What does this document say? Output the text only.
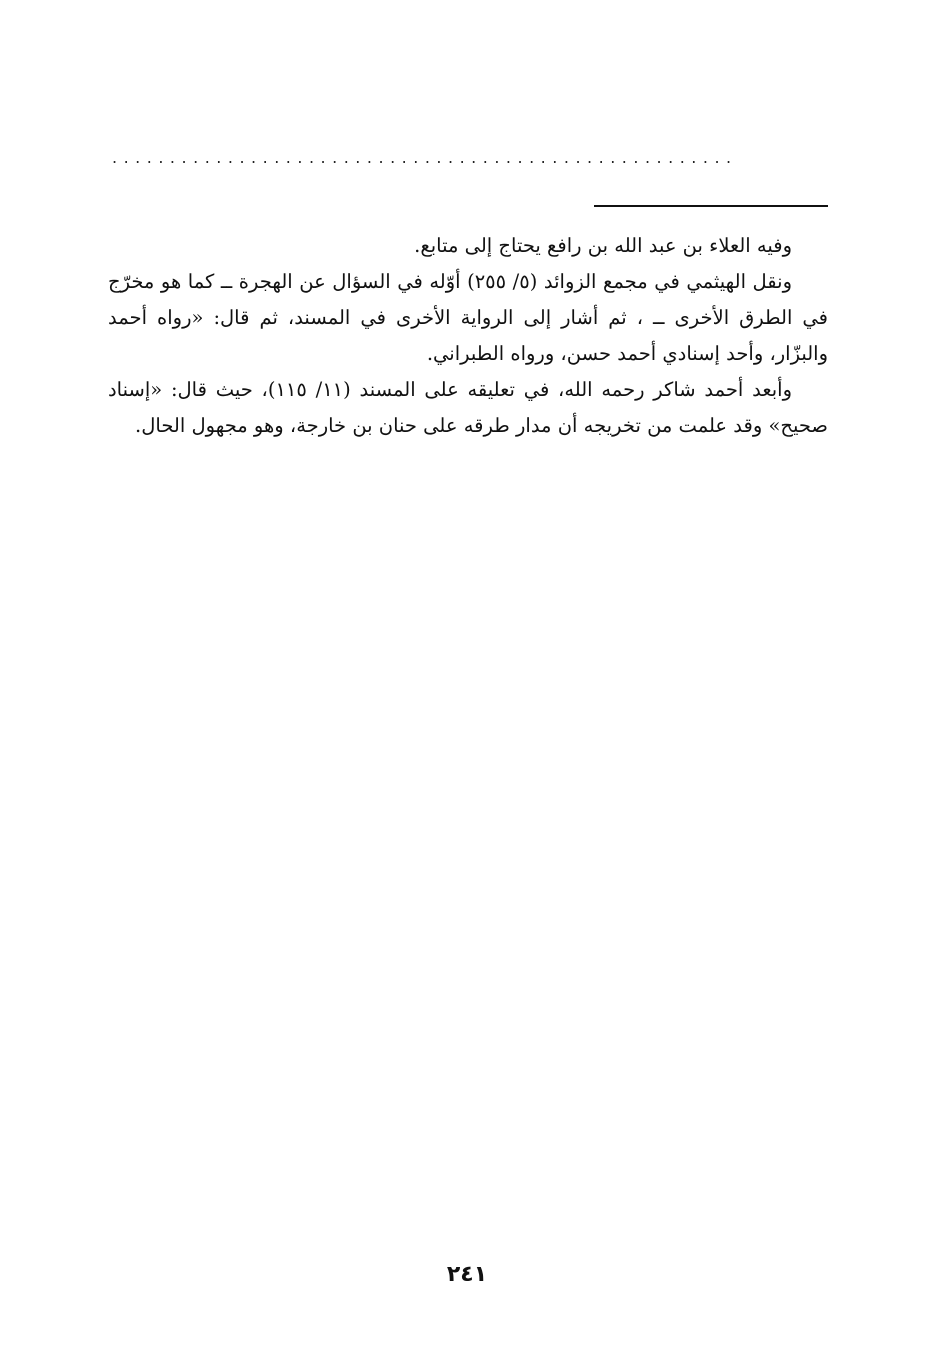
......................................................

وفيه العلاء بن عبد الله بن رافع يحتاج إلى متابع.

ونقل الهيثمي في مجمع الزوائد (٥/ ٢٥٥) أوّله في السؤال عن الهجرة ــ كما هو مخرّج في الطرق الأخرى ــ ، ثم أشار إلى الرواية الأخرى في المسند، ثم قال: «رواه أحمد والبزّار، وأحد إسنادي أحمد حسن، ورواه الطبراني.

وأبعد أحمد شاكر رحمه الله، في تعليقه على المسند (١١/ ١١٥)، حيث قال: «إسناد صحيح» وقد علمت من تخريجه أن مدار طرقه على حنان بن خارجة، وهو مجهول الحال.

٢٤١
